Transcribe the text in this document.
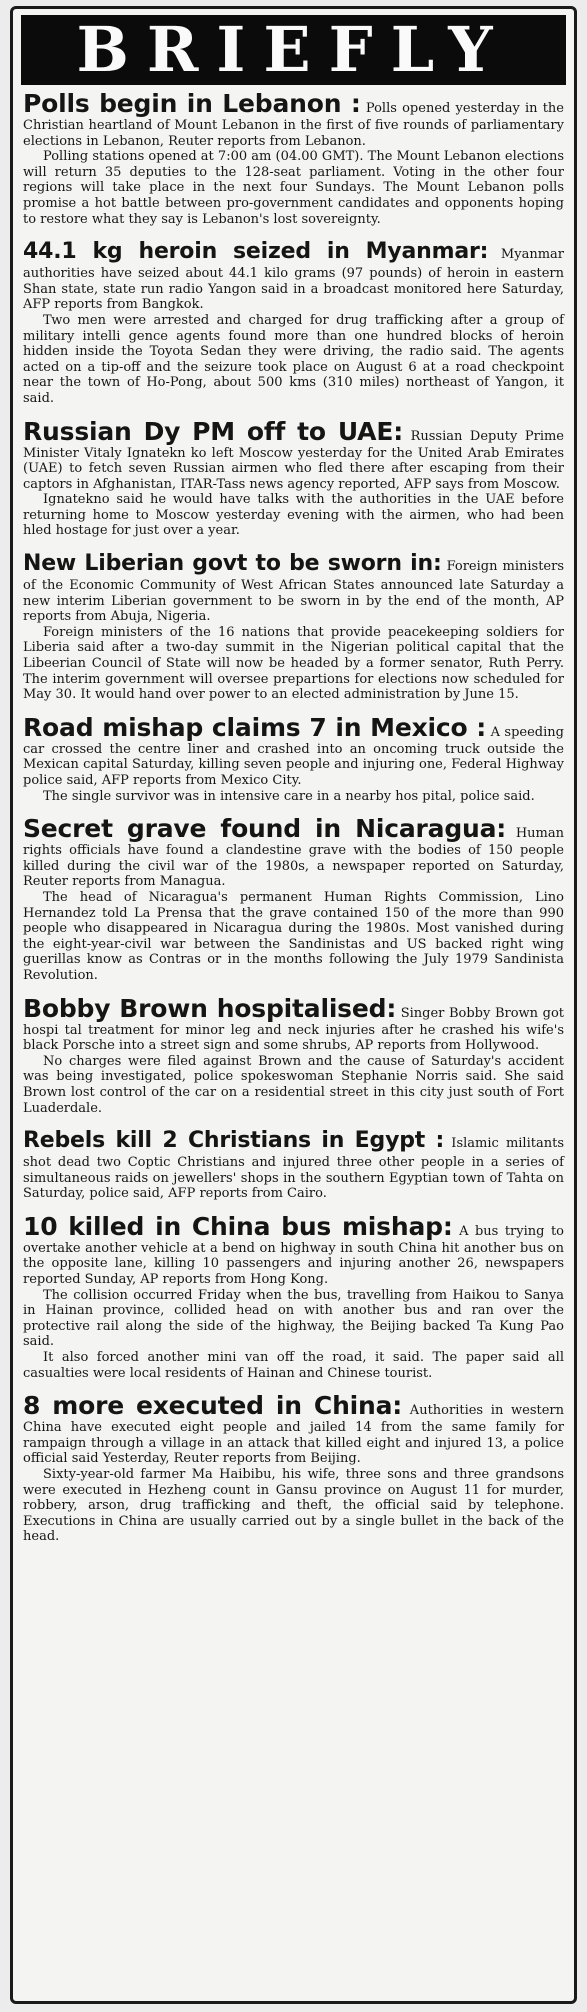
BRIEFLY

Polls begin in Lebanon : Polls opened yesterday in the Christian heartland of Mount Lebanon in the first of five rounds of parliamentary elections in Lebanon, Reuter reports from Lebanon.

Polling stations opened at 7:00 am (04.00 GMT). The Mount Lebanon elections will return 35 deputies to the 128-seat parliament. Voting in the other four regions will take place in the next four Sundays. The Mount Lebanon polls promise a hot battle between pro-government candidates and opponents hoping to restore what they say is Lebanon's lost sovereignty.

44.1 kg heroin seized in Myanmar: Myanmar authorities have seized about 44.1 kilo grams (97 pounds) of heroin in eastern Shan state, state run radio Yangon said in a broadcast monitored here Saturday, AFP reports from Bangkok.

Two men were arrested and charged for drug trafficking after a group of military intelli gence agents found more than one hundred blocks of heroin hidden inside the Toyota Sedan they were driving, the radio said. The agents acted on a tip-off and the seizure took place on August 6 at a road checkpoint near the town of Ho-Pong, about 500 kms (310 miles) northeast of Yangon, it said.

Russian Dy PM off to UAE: Russian Deputy Prime Minister Vitaly Ignatekn ko left Moscow yesterday for the United Arab Emirates (UAE) to fetch seven Russian airmen who fled there after escaping from their captors in Afghanistan, ITAR-Tass news agency reported, AFP says from Moscow.

Ignatekno said he would have talks with the authorities in the UAE before returning home to Moscow yesterday evening with the airmen, who had been hled hostage for just over a year.

New Liberian govt to be sworn in: Foreign ministers of the Economic Community of West African States announced late Saturday a new interim Liberian government to be sworn in by the end of the month, AP reports from Abuja, Nigeria.

Foreign ministers of the 16 nations that provide peacekeeping soldiers for Liberia said after a two-day summit in the Nigerian political capital that the Libeerian Council of State will now be headed by a former senator, Ruth Perry. The interim government will oversee prepartions for elections now scheduled for May 30. It would hand over power to an elected administration by June 15.

Road mishap claims 7 in Mexico : A speeding car crossed the centre liner and crashed into an oncoming truck outside the Mexican capital Saturday, killing seven people and injuring one, Federal Highway police said, AFP reports from Mexico City.

The single survivor was in intensive care in a nearby hos pital, police said.

Secret grave found in Nicaragua: Human rights officials have found a clandestine grave with the bodies of 150 people killed during the civil war of the 1980s, a newspaper reported on Saturday, Reuter reports from Managua.

The head of Nicaragua's permanent Human Rights Commission, Lino Hernandez told La Prensa that the grave contained 150 of the more than 990 people who disappeared in Nicaragua during the 1980s. Most vanished during the eight-year-civil war between the Sandinistas and US backed right wing guerillas know as Contras or in the months following the July 1979 Sandinista Revolution.

Bobby Brown hospitalised: Singer Bobby Brown got hospi tal treatment for minor leg and neck injuries after he crashed his wife's black Porsche into a street sign and some shrubs, AP reports from Hollywood.

No charges were filed against Brown and the cause of Saturday's accident was being investigated, police spokeswoman Stephanie Norris said. She said Brown lost control of the car on a residential street in this city just south of Fort Luaderdale.

Rebels kill 2 Christians in Egypt : Islamic militants shot dead two Coptic Christians and injured three other people in a series of simultaneous raids on jewellers' shops in the southern Egyptian town of Tahta on Saturday, police said, AFP reports from Cairo.

10 killed in China bus mishap: A bus trying to overtake another vehicle at a bend on highway in south China hit another bus on the opposite lane, killing 10 passengers and injuring another 26, newspapers reported Sunday, AP reports from Hong Kong.

The collision occurred Friday when the bus, travelling from Haikou to Sanya in Hainan province, collided head on with another bus and ran over the protective rail along the side of the highway, the Beijing backed Ta Kung Pao said.

It also forced another mini van off the road, it said. The paper said all casualties were local residents of Hainan and Chinese tourist.

8 more executed in China: Authorities in western China have executed eight people and jailed 14 from the same family for rampaign through a village in an attack that killed eight and injured 13, a police official said Yesterday, Reuter reports from Beijing.

Sixty-year-old farmer Ma Haibibu, his wife, three sons and three grandsons were executed in Hezheng count in Gansu province on August 11 for murder, robbery, arson, drug trafficking and theft, the official said by telephone. Executions in China are usually carried out by a single bullet in the back of the head.
